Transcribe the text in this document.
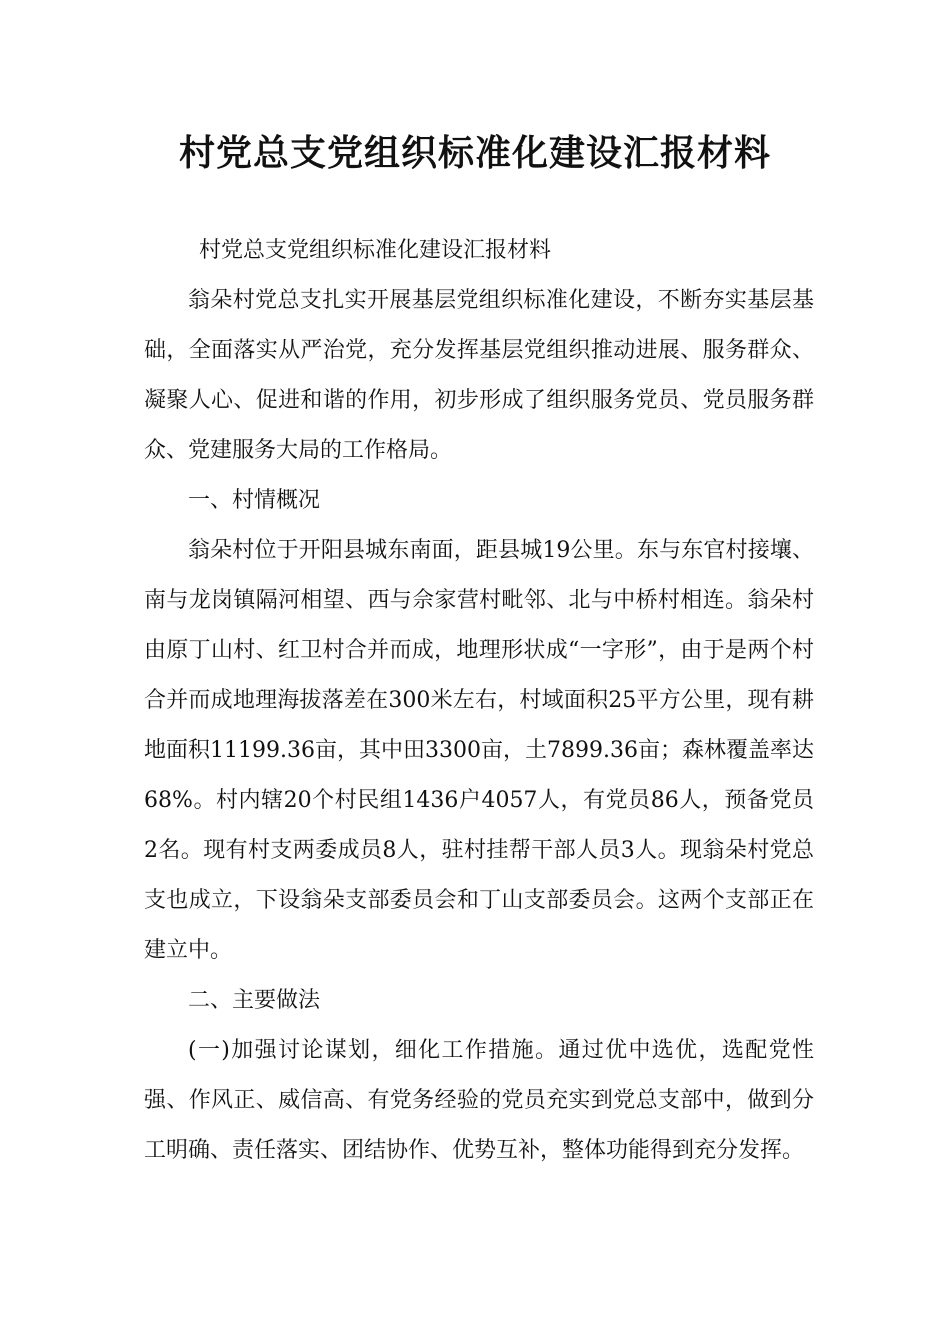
村党总支党组织标准化建设汇报材料

村党总支党组织标准化建设汇报材料

翁朵村党总支扎实开展基层党组织标准化建设，不断夯实基层基础，全面落实从严治党，充分发挥基层党组织推动进展、服务群众、凝聚人心、促进和谐的作用，初步形成了组织服务党员、党员服务群众、党建服务大局的工作格局。

一、村情概况

翁朵村位于开阳县城东南面，距县城19公里。东与东官村接壤、南与龙岗镇隔河相望、西与佘家营村毗邻、北与中桥村相连。翁朵村由原丁山村、红卫村合并而成，地理形状成“一字形”，由于是两个村合并而成地理海拔落差在300米左右，村域面积25平方公里，现有耕地面积11199.36亩，其中田3300亩，土7899.36亩；森林覆盖率达68%。村内辖20个村民组1436户4057人，有党员86人，预备党员2名。现有村支两委成员8人，驻村挂帮干部人员3人。现翁朵村党总支也成立，下设翁朵支部委员会和丁山支部委员会。这两个支部正在建立中。

二、主要做法

(一)加强讨论谋划，细化工作措施。通过优中选优，选配党性强、作风正、威信高、有党务经验的党员充实到党总支部中，做到分工明确、责任落实、团结协作、优势互补，整体功能得到充分发挥。
